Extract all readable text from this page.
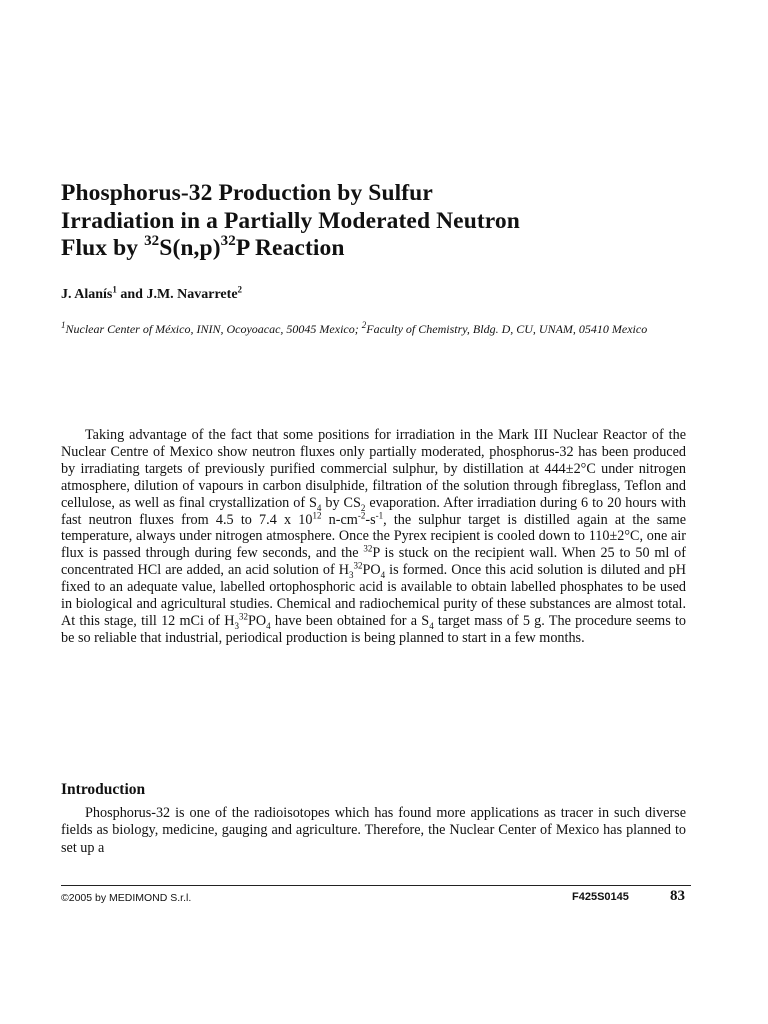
Phosphorus-32 Production by Sulfur
Irradiation in a Partially Moderated Neutron
Flux by $^{32}S(n,p)^{32}P$ Reaction

J. Alanís$^1$ and J.M. Navarrete$^2$

$^1$Nuclear Center of México, ININ, Ocoyoacac, 50045 Mexico; $^2$Faculty of Chemistry, Bldg. D, CU, UNAM, 05410 Mexico

Taking advantage of the fact that some positions for irradiation in the Mark III Nuclear Reactor of the Nuclear Centre of Mexico show neutron fluxes only partially moderated, phosphorus-32 has been produced by irradiating targets of previously purified commercial sulphur, by distillation at 444±2°C under nitrogen atmosphere, dilution of vapours in carbon disulphide, filtration of the solution through fibreglass, Teflon and cellulose, as well as final crystallization of $S_4$ by $CS_2$ evaporation. After irradiation during 6 to 20 hours with fast neutron fluxes from 4.5 to 7.4 x $10^{12}$ $n-cm^{-2}-s^{-1}$, the sulphur target is distilled again at the same temperature, always under nitrogen atmosphere. Once the Pyrex recipient is cooled down to 110±2°C, one air flux is passed through during few seconds, and the $^{32}$P is stuck on the recipient wall. When 25 to 50 ml of concentrated HCl are added, an acid solution of $H_3^{32}PO_4$ is formed. Once this acid solution is diluted and pH fixed to an adequate value, labelled ortophosphoric acid is available to obtain labelled phosphates to be used in biological and agricultural studies. Chemical and radiochemical purity of these substances are almost total. At this stage, till 12 mCi of $H_3^{32}PO_4$ have been obtained for a $S_4$ target mass of 5 g. The procedure seems to be so reliable that industrial, periodical production is being planned to start in a few months.

Introduction

Phosphorus-32 is one of the radioisotopes which has found more applications as tracer in such diverse fields as biology, medicine, gauging and agriculture. Therefore, the Nuclear Center of Mexico has planned to set up a

©2005 by MEDIMOND S.r.l.	F425S0145	83
